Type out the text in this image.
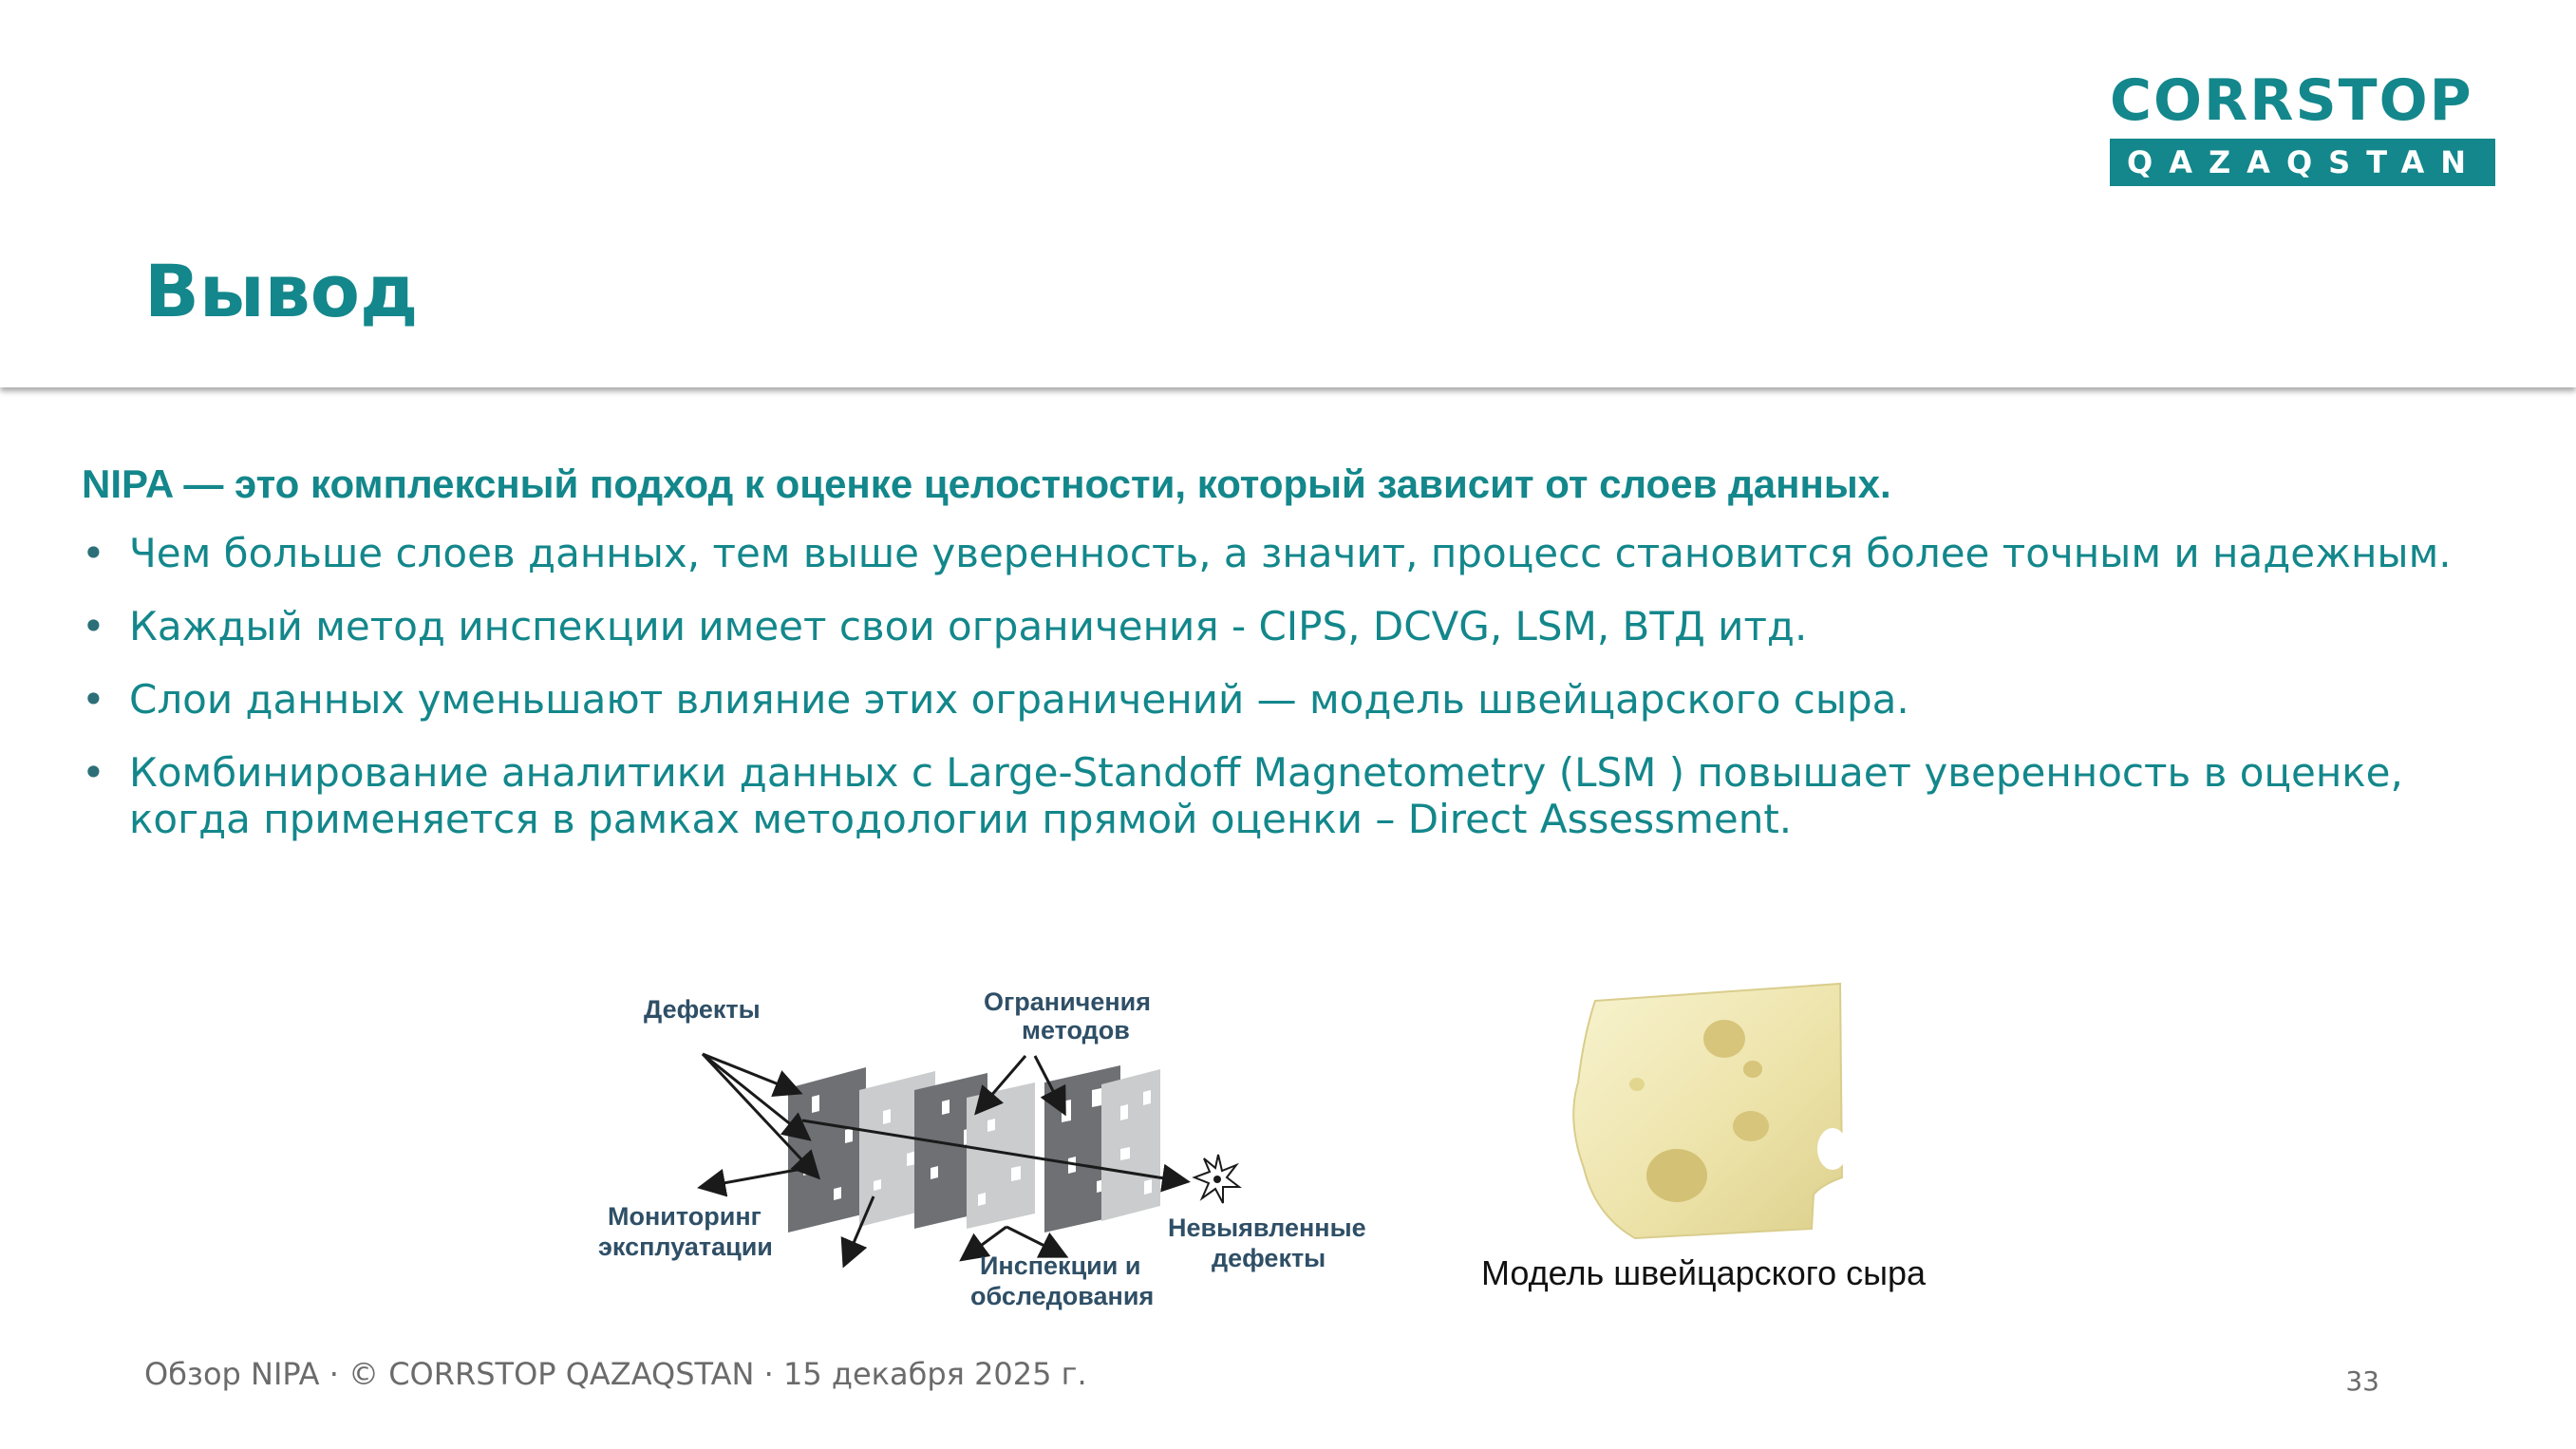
CORRSTOP
QAZAQSTAN
Вывод

NIPA — это комплексный подход к оценке целостности, который зависит от слоев данных.

• Чем больше слоев данных, тем выше уверенность, а значит, процесс становится более точным и надежным.
• Каждый метод инспекции имеет свои ограничения - CIPS, DCVG, LSM, ВТД итд.
• Слои данных уменьшают влияние этих ограничений — модель швейцарского сыра.
• Комбинирование аналитики данных с Large-Standoff Magnetometry (LSM ) повышает уверенность в оценке, когда применяется в рамках методологии прямой оценки – Direct Assessment.
Дефекты	Ограничения
методов
Мониторинг
эксплуатации
Инспекции и
обследования
Невыявленные
дефекты	Модель швейцарского сыра

Обзор NIPA · © CORRSTOP QAZAQSTAN · 15 декабря 2025 г.	33
